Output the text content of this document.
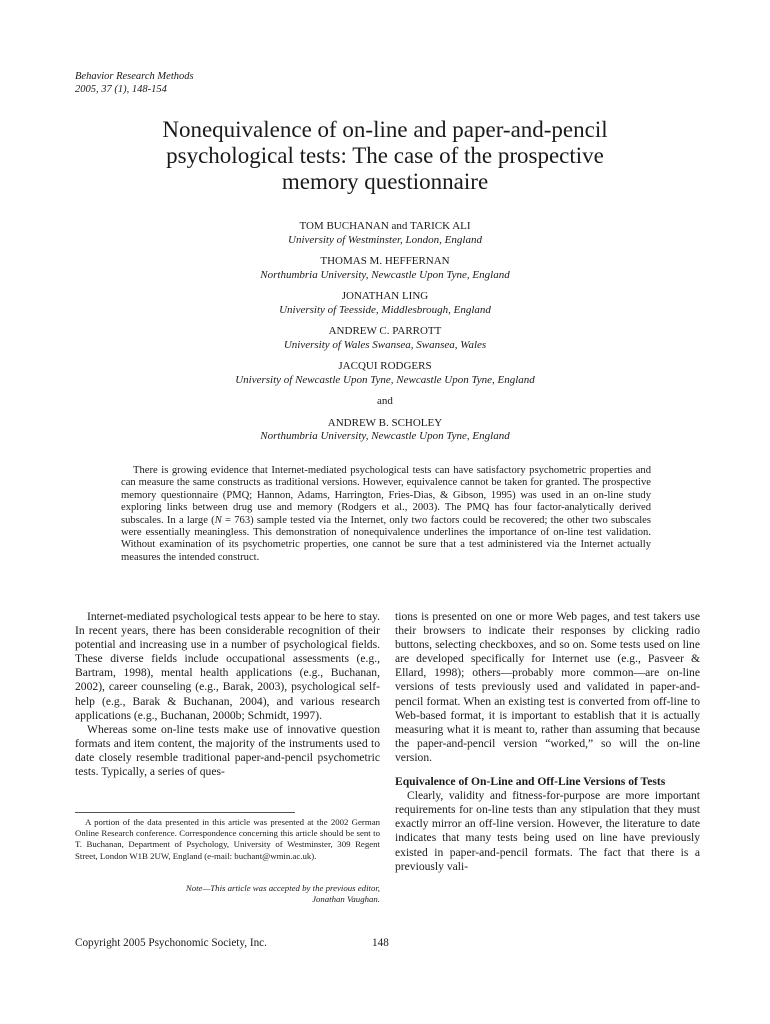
Behavior Research Methods
2005, 37 (1), 148-154
Nonequivalence of on-line and paper-and-pencil
psychological tests: The case of the prospective
memory questionnaire
TOM BUCHANAN and TARICK ALI
University of Westminster, London, England
THOMAS M. HEFFERNAN
Northumbria University, Newcastle Upon Tyne, England
JONATHAN LING
University of Teesside, Middlesbrough, England
ANDREW C. PARROTT
University of Wales Swansea, Swansea, Wales
JACQUI RODGERS
University of Newcastle Upon Tyne, Newcastle Upon Tyne, England
and
ANDREW B. SCHOLEY
Northumbria University, Newcastle Upon Tyne, England

There is growing evidence that Internet-mediated psychological tests can have satisfactory psychometric properties and can measure the same constructs as traditional versions. However, equivalence cannot be taken for granted. The prospective memory questionnaire (PMQ; Hannon, Adams, Harrington, Fries-Dias, & Gibson, 1995) was used in an on-line study exploring links between drug use and memory (Rodgers et al., 2003). The PMQ has four factor-analytically derived subscales. In a large (N = 763) sample tested via the Internet, only two factors could be recovered; the other two subscales were essentially meaningless. This demonstration of nonequivalence underlines the importance of on-line test validation. Without examination of its psychometric properties, one cannot be sure that a test administered via the Internet actually measures the intended construct.

Internet-mediated psychological tests appear to be here to stay. In recent years, there has been considerable recognition of their potential and increasing use in a number of psychological fields. These diverse fields include occupational assessments (e.g., Bartram, 1998), mental health applications (e.g., Buchanan, 2002), career counseling (e.g., Barak, 2003), psychological self-help (e.g., Barak & Buchanan, 2004), and various research applications (e.g., Buchanan, 2000b; Schmidt, 1997).

Whereas some on-line tests make use of innovative question formats and item content, the majority of the instruments used to date closely resemble traditional paper-and-pencil psychometric tests. Typically, a series of ques-

A portion of the data presented in this article was presented at the 2002 German Online Research conference. Correspondence concerning this article should be sent to T. Buchanan, Department of Psychology, University of Westminster, 309 Regent Street, London W1B 2UW, England (e-mail: buchant@wmin.ac.uk).

Note—This article was accepted by the previous editor,
Jonathan Vaughan.

tions is presented on one or more Web pages, and test takers use their browsers to indicate their responses by clicking radio buttons, selecting checkboxes, and so on. Some tests used on line are developed specifically for Internet use (e.g., Pasveer & Ellard, 1998); others—probably more common—are on-line versions of tests previously used and validated in paper-and-pencil format. When an existing test is converted from off-line to Web-based format, it is important to establish that it is actually measuring what it is meant to, rather than assuming that because the paper-and-pencil version “worked,” so will the on-line version.

Equivalence of On-Line and Off-Line Versions of Tests

Clearly, validity and fitness-for-purpose are more important requirements for on-line tests than any stipulation that they must exactly mirror an off-line version. However, the literature to date indicates that many tests being used on line have previously existed in paper-and-pencil formats. The fact that there is a previously vali-

Copyright 2005 Psychonomic Society, Inc.	148
